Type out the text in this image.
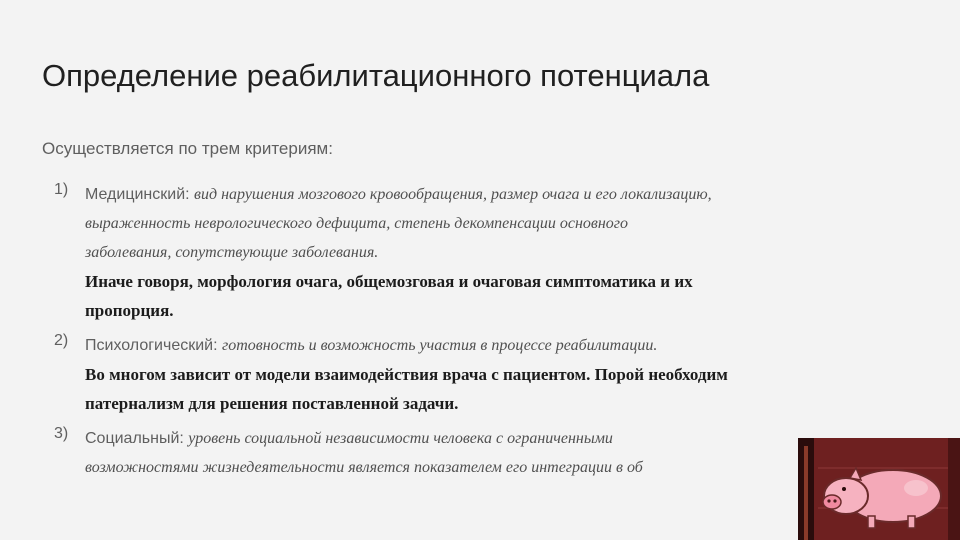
Определение реабилитационного потенциала
Осуществляется по трем критериям:
1) Медицинский: вид нарушения мозгового кровообращения, размер очага и его локализацию,
выраженность неврологического дефицита, степень декомпенсации основного
заболевания, сопутствующие заболевания.
Иначе говоря, морфология очага, общемозговая и очаговая симптоматика и их
пропорция.
2) Психологический: готовность и возможность участия в процессе реабилитации.
Во многом зависит от модели взаимодействия врача с пациентом. Порой необходим
патернализм для решения поставленной задачи.
3) Социальный: уровень социальной независимости человека с ограниченными
возможностями жизнедеятельности является показателем его интеграции в об
